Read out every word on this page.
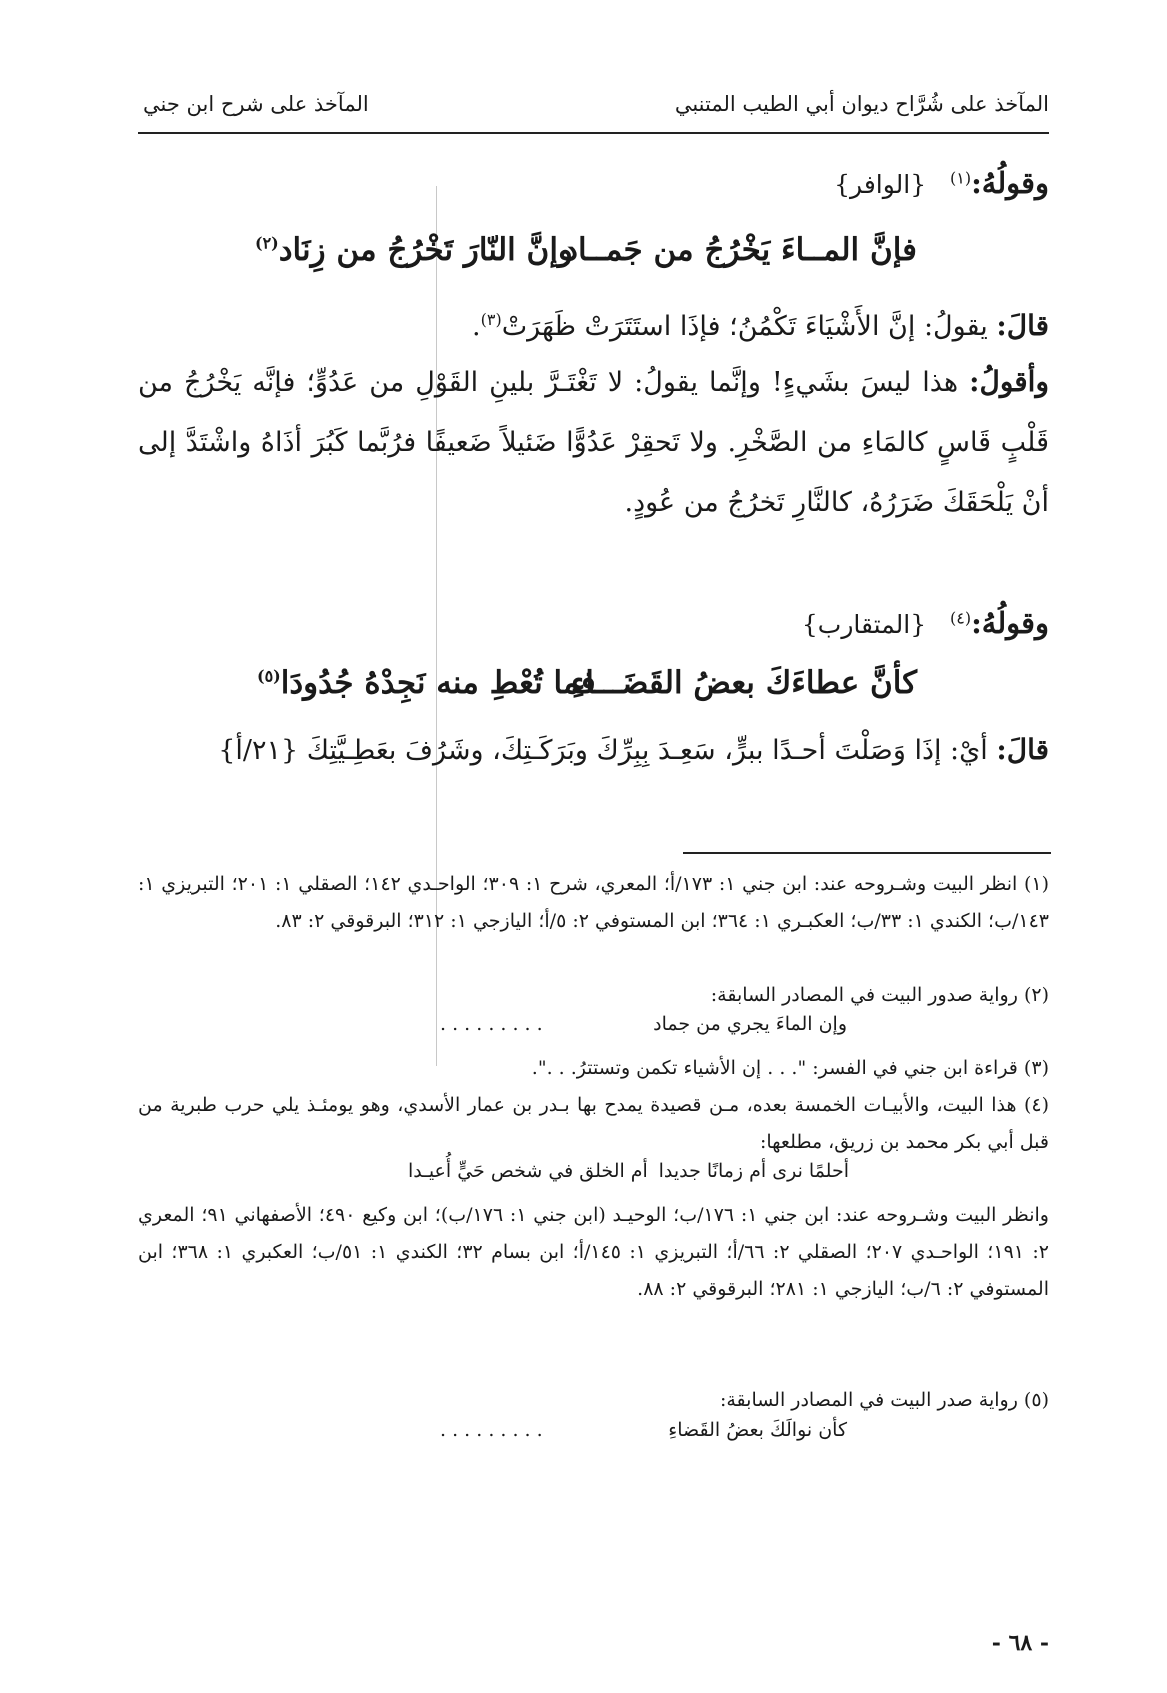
المآخذ على شُرَّاح ديوان أبي الطيب المتنبي
المآخذ على شرح ابن جني
وقولُهُ:$^{(١)}$   {الوافر}
فإنَّ المــاءَ يَخْرُجُ من جَمــاد
وإنَّ النّارَ تَخْرُجُ من زِنَاد$^{(٢)}$
قالَ: يقولُ: إنَّ الأَشْيَاءَ تَكْمُنُ؛ فإذَا استَتَرَتْ ظَهَرَتْ$^{(٣)}$.
وأقولُ: هذا ليسَ بشَيءٍ! وإنَّما يقولُ: لا تَغْتَـرَّ بلينِ القَوْلِ من عَدُوٍّ؛ فإنَّه يَخْرُجُ من قَلْبٍ قَاسٍ كالمَاءِ من الصَّخْرِ. ولا تَحقِرْ عَدُوًّا ضَئيلاً ضَعيفًا فرُبَّما كَبُرَ أذَاهُ واشْتَدَّ إلى أنْ يَلْحَقَكَ ضَرَرُهُ، كالنَّارِ تَخرُجُ من عُودٍ.
وقولُهُ:$^{(٤)}$   {المتقارب}
كأنَّ عطاءَكَ بعضُ القَضَـــاءِ
فما تُعْطِ منه نَجِدْهُ جُدُودَا$^{(٥)}$
قالَ: أيْ: إذَا وَصَلْتَ أحـدًا ببرٍّ، سَعِـدَ بِبِرِّكَ وبَرَكَـتِكَ، وشَرُفَ بعَطِـيَّتِكَ {٢١/أ}
(١) انظر البيت وشـروحه عند: ابن جني ١: ١٧٣/أ؛ المعري، شرح ١: ٣٠٩؛ الواحـدي ١٤٢؛ الصقلي ١: ٢٠١؛ التبريزي ١: ١٤٣/ب؛ الكندي ١: ٣٣/ب؛ العكبـري ١: ٣٦٤؛ ابن المستوفي ٢: ٥/أ؛ اليازجي ١: ٣١٢؛ البرقوقي ٢: ٨٣.
(٢) رواية صدور البيت في المصادر السابقة:
وإن الماءَ يجري من جماد
. . . . . . . . .
(٣) قراءة ابن جني في الفسر: ". . . إن الأشياء تكمن وتستترُ. . .".
(٤) هذا البيت، والأبيـات الخمسة بعده، مـن قصيدة يمدح بها بـدر بن عمار الأسدي، وهو يومئـذ يلي حرب طبرية من قبل أبي بكر محمد بن زريق، مطلعها:
أحلمًا نرى أم زمانًا جديدا
أم الخلق في شخص حَيٍّ أُعيـدا
وانظر البيت وشـروحه عند: ابن جني ١: ١٧٦/ب؛ الوحيـد (ابن جني ١: ١٧٦/ب)؛ ابن وكيع ٤٩٠؛ الأصفهاني ٩١؛ المعري ٢: ١٩١؛ الواحـدي ٢٠٧؛ الصقلي ٢: ٦٦/أ؛ التبريزي ١: ١٤٥/أ؛ ابن بسام ٣٢؛ الكندي ١: ٥١/ب؛ العكبري ١: ٣٦٨؛ ابن المستوفي ٢: ٦/ب؛ اليازجي ١: ٢٨١؛ البرقوقي ٢: ٨٨.
(٥) رواية صدر البيت في المصادر السابقة:
كأن نوالَكَ بعضُ القَضاءِ
. . . . . . . . .
- ٦٨ -
